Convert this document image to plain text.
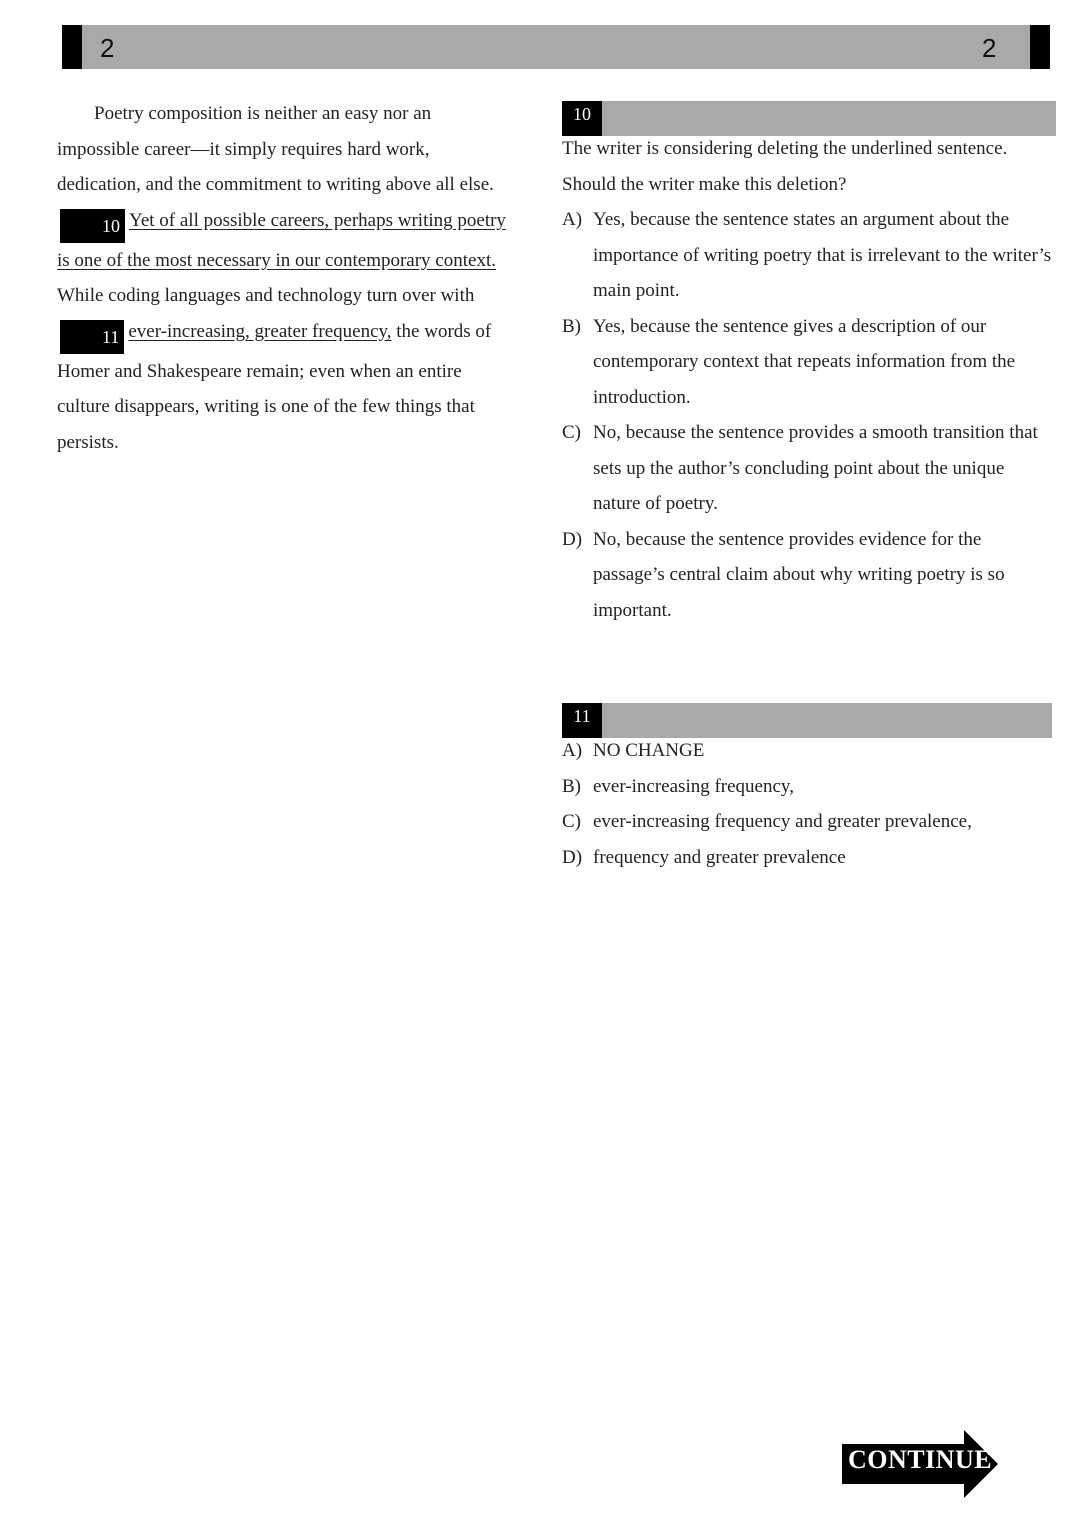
2	2

Poetry composition is neither an easy nor an impossible career—it simply requires hard work, dedication, and the commitment to writing above all else. 10 Yet of all possible careers, perhaps writing poetry is one of the most necessary in our contemporary context. While coding languages and technology turn over with 11 ever-increasing, greater frequency, the words of Homer and Shakespeare remain; even when an entire culture disappears, writing is one of the few things that persists.

10

The writer is considering deleting the underlined sentence. Should the writer make this deletion?

A) Yes, because the sentence states an argument about the importance of writing poetry that is irrelevant to the writer’s main point.
B) Yes, because the sentence gives a description of our contemporary context that repeats information from the introduction.
C) No, because the sentence provides a smooth transition that sets up the author’s concluding point about the unique nature of poetry.
D) No, because the sentence provides evidence for the passage’s central claim about why writing poetry is so important.
11
A) NO CHANGE
B) ever-increasing frequency,
C) ever-increasing frequency and greater prevalence,
D) frequency and greater prevalence
CONTINUE
